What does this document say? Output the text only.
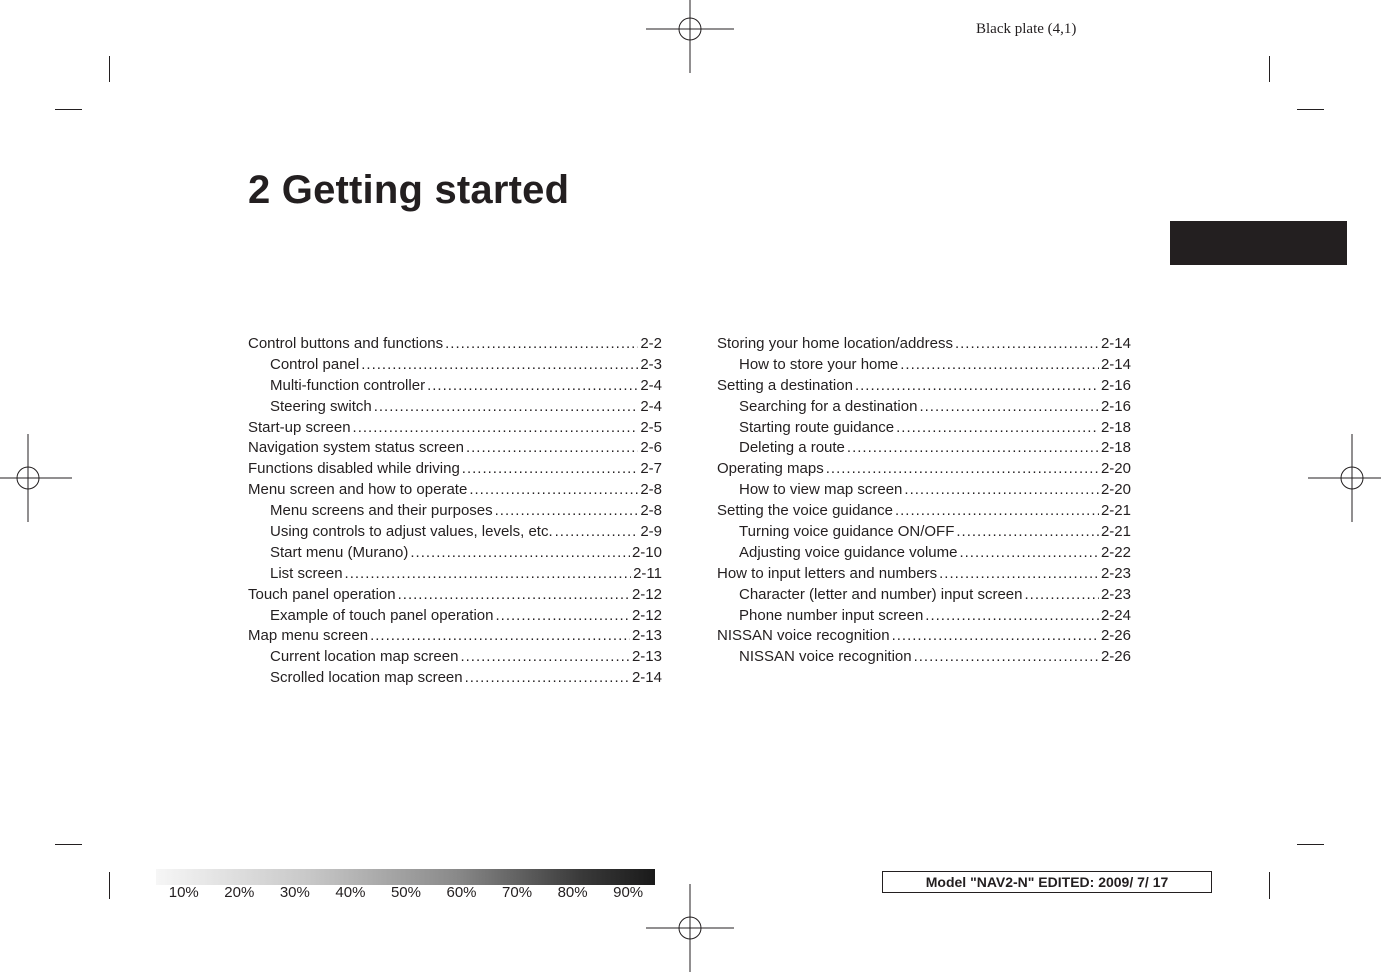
Black plate (4,1)
2 Getting started
Control buttons and functions .....	2-2
Control panel .....	2-3
Multi-function controller .....	2-4
Steering switch .....	2-4
Start-up screen .....	2-5
Navigation system status screen .....	2-6
Functions disabled while driving .....	2-7
Menu screen and how to operate .....	2-8
Menu screens and their purposes .....	2-8
Using controls to adjust values, levels, etc. .....	2-9
Start menu (Murano) .....	2-10
List screen .....	2-11
Touch panel operation .....	2-12
Example of touch panel operation .....	2-12
Map menu screen .....	2-13
Current location map screen .....	2-13
Scrolled location map screen .....	2-14
Storing your home location/address .....	2-14
How to store your home .....	2-14
Setting a destination .....	2-16
Searching for a destination .....	2-16
Starting route guidance .....	2-18
Deleting a route .....	2-18
Operating maps .....	2-20
How to view map screen .....	2-20
Setting the voice guidance .....	2-21
Turning voice guidance ON/OFF .....	2-21
Adjusting voice guidance volume .....	2-22
How to input letters and numbers .....	2-23
Character (letter and number) input screen .....	2-23
Phone number input screen .....	2-24
NISSAN voice recognition .....	2-26
NISSAN voice recognition .....	2-26
10% 20% 30% 40% 50% 60% 70% 80% 90%
Model "NAV2-N" EDITED: 2009/ 7/ 17
